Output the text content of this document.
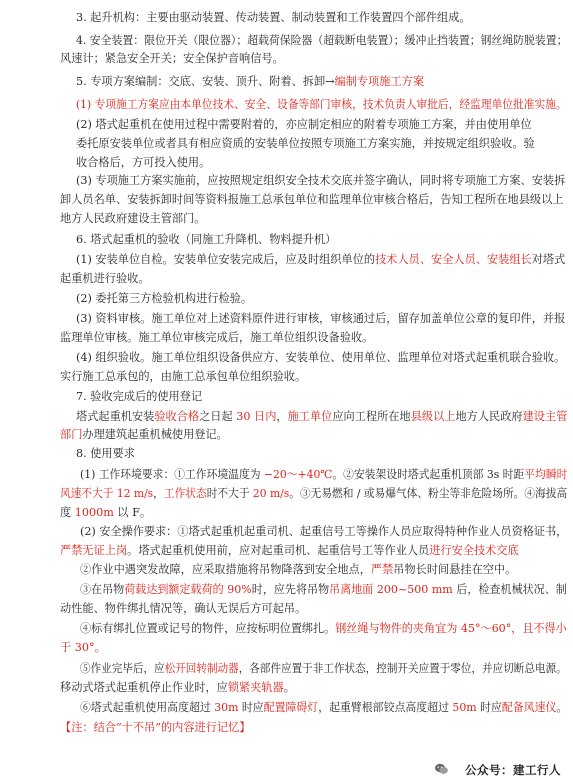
3. 起升机构：主要由驱动装置、传动装置、制动装置和工作装置四个部件组成。
4. 安全装置：限位开关（限位器）；超载荷保险器（超载断电装置）；缓冲止挡装置；钢丝绳防脱装置；
风速计；紧急安全开关；安全保护音响信号。
5. 专项方案编制：交底、安装、顶升、附着、拆卸→编制专项施工方案
(1) 专项施工方案应由本单位技术、安全、设备等部门审核，技术负责人审批后，经监理单位批准实施。
(2) 塔式起重机在使用过程中需要附着的，亦应制定相应的附着专项施工方案，并由使用单位
委托原安装单位或者具有相应资质的安装单位按照专项施工方案实施，并按规定组织验收。验
收合格后，方可投入使用。
(3) 专项施工方案实施前，应按照规定组织安全技术交底并签字确认，同时将专项施工方案、安装拆
卸人员名单、安装拆卸时间等资料报施工总承包单位和监理单位审核合格后，告知工程所在地县级以上
地方人民政府建设主管部门。
6. 塔式起重机的验收（同施工升降机、物料提升机）
(1) 安装单位自检。安装单位安装完成后，应及时组织单位的技术人员、安全人员、安装组长对塔式
起重机进行验收。
(2) 委托第三方检验机构进行检验。
(3) 资料审核。施工单位对上述资料原件进行审核，审核通过后，留存加盖单位公章的复印件，并报
监理单位审核。施工单位审核完成后，施工单位组织设备验收。
(4) 组织验收。施工单位组织设备供应方、安装单位、使用单位、监理单位对塔式起重机联合验收。
实行施工总承包的，由施工总承包单位组织验收。
7. 验收完成后的使用登记
塔式起重机安装验收合格之日起 30 日内，施工单位应向工程所在地县级以上地方人民政府建设主管
部门办理建筑起重机械使用登记。
8. 使用要求
(1) 工作环境要求：①工作环境温度为 −20～+40℃。②安装架设时塔式起重机顶部 3s 时距平均瞬时
风速不大于 12 m/s，工作状态时不大于 20 m/s。③无易燃和 / 或易爆气体、粉尘等非危险场所。④海拔高
度 1000m 以 F。
(2) 安全操作要求：①塔式起重机起重司机、起重信号工等操作人员应取得特种作业人员资格证书，
严禁无证上岗。塔式起重机使用前，应对起重司机、起重信号工等作业人员进行安全技术交底
②作业中遇突发故障，应采取措施将吊物降落到安全地点，严禁吊物长时间悬挂在空中。
③在吊物荷载达到额定载荷的 90%时，应先将吊物吊离地面 200~500 mm 后，检查机械状况、制
动性能、物件绑扎情况等，确认无误后方可起吊。
④标有绑扎位置或记号的物件，应按标明位置绑扎。钢丝绳与物件的夹角宜为 45°～60°，且不得小
于 30°。
⑤作业完毕后，应松开回转制动器，各部件应置于非工作状态，控制开关应置于零位，并应切断总电源。
移动式塔式起重机停止作业时，应锁紧夹轨器。
⑥塔式起重机使用高度超过 30m 时应配置障碍灯，起重臂根部铰点高度超过 50m 时应配备风速仪。
【注：结合“十不吊”的内容进行记忆】
公众号：建工行人
